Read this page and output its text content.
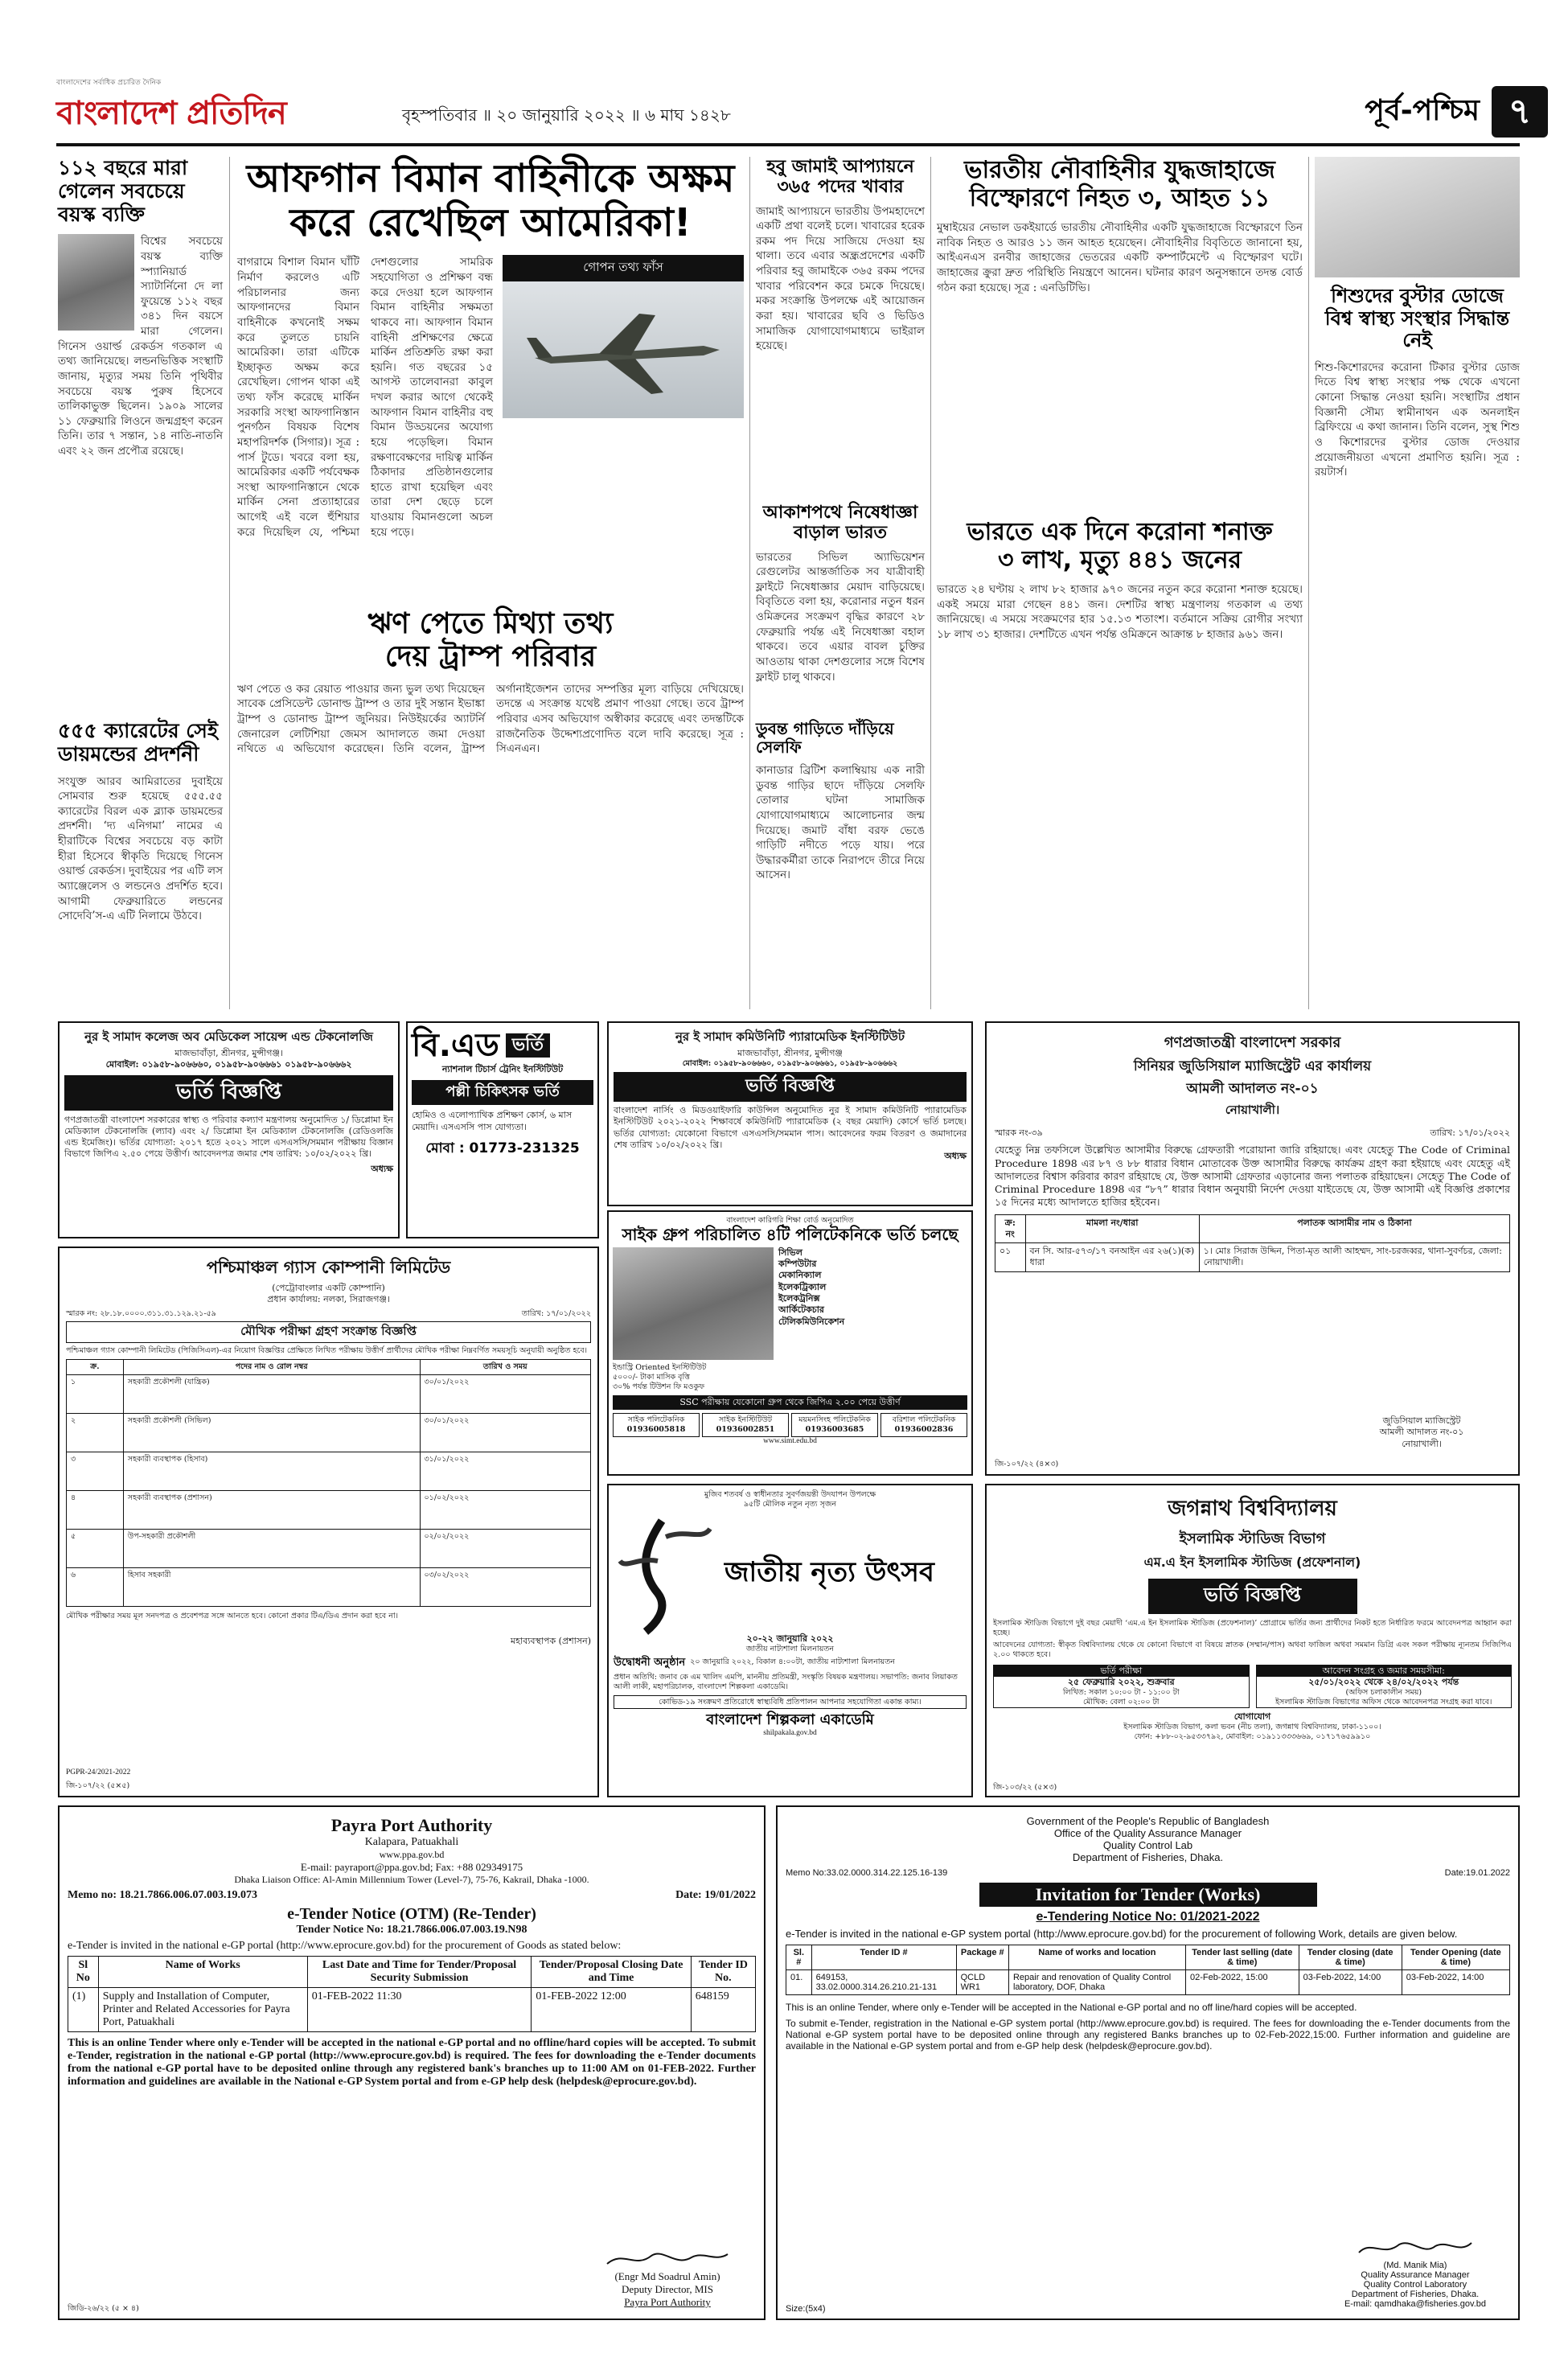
বাংলাদেশের সর্বাধিক প্রচারিত দৈনিক
বাংলাদেশ প্রতিদিন	বৃহস্পতিবার ॥ ২০ জানুয়ারি ২০২২ ॥ ৬ মাঘ ১৪২৮	পূর্ব-পশ্চিম ৭
১১২ বছরে মারা গেলেন সবচেয়ে বয়স্ক ব্যক্তি
বিশ্বের সবচেয়ে বয়স্ক ব্যক্তি স্প্যানিয়ার্ড স্যাটার্নিনো দে লা ফুয়েন্তে ১১২ বছর ৩৪১ দিন বয়সে মারা গেলেন। গিনেস ওয়ার্ল্ড রেকর্ডস গতকাল এ তথ্য জানিয়েছে। লন্ডনভিত্তিক সংস্থাটি জানায়, মৃত্যুর সময় তিনি পৃথিবীর সবচেয়ে বয়স্ক পুরুষ হিসেবে তালিকাভুক্ত ছিলেন। ১৯০৯ সালের ১১ ফেব্রুয়ারি লিওনে জন্মগ্রহণ করেন তিনি। তার ৭ সন্তান, ১৪ নাতি-নাতনি এবং ২২ জন প্রপৌত্র রয়েছে।
৫৫৫ ক্যারেটের সেই ডায়মন্ডের প্রদর্শনী
সংযুক্ত আরব আমিরাতের দুবাইয়ে সোমবার শুরু হয়েছে ৫৫৫.৫৫ ক্যারেটের বিরল এক ব্ল্যাক ডায়মন্ডের প্রদর্শনী। ‘দ্য এনিগমা’ নামের এ হীরাটিকে বিশ্বের সবচেয়ে বড় কাটা হীরা হিসেবে স্বীকৃতি দিয়েছে গিনেস ওয়ার্ল্ড রেকর্ডস। দুবাইয়ের পর এটি লস অ্যাঞ্জেলেস ও লন্ডনেও প্রদর্শিত হবে। আগামী ফেব্রুয়ারিতে লন্ডনের সোদেবি’স-এ এটি নিলামে উঠবে।
আফগান বিমান বাহিনীকে অক্ষম
করে রেখেছিল আমেরিকা!
গোপন তথ্য ফাঁস
বাগরামে বিশাল বিমান ঘাঁটি নির্মাণ করলেও এটি পরিচালনার জন্য আফগানদের বিমান বাহিনীকে কখনোই সক্ষম করে তুলতে চায়নি আমেরিকা। তারা এটিকে ইচ্ছাকৃত অক্ষম করে রেখেছিল। গোপন থাকা এই তথ্য ফাঁস করেছে মার্কিন সরকারি সংস্থা আফগানিস্তান পুনর্গঠন বিষয়ক বিশেষ মহাপরিদর্শক (সিগার)। সূত্র : পার্স টুডে। খবরে বলা হয়, আমেরিকার একটি পর্যবেক্ষক সংস্থা আফগানিস্তানে থেকে মার্কিন সেনা প্রত্যাহারের আগেই এই বলে হুঁশিয়ার করে দিয়েছিল যে, পশ্চিমা দেশগুলোর সামরিক সহযোগিতা ও প্রশিক্ষণ বন্ধ করে দেওয়া হলে আফগান বিমান বাহিনীর সক্ষমতা থাকবে না। আফগান বিমান বাহিনী প্রশিক্ষণের ক্ষেত্রে মার্কিন প্রতিশ্রুতি রক্ষা করা হয়নি। গত বছরের ১৫ আগস্ট তালেবানরা কাবুল দখল করার আগে থেকেই আফগান বিমান বাহিনীর বহু বিমান উড্ডয়নের অযোগ্য হয়ে পড়েছিল। বিমান রক্ষণাবেক্ষণের দায়িত্ব মার্কিন ঠিকাদার প্রতিষ্ঠানগুলোর হাতে রাখা হয়েছিল এবং তারা দেশ ছেড়ে চলে যাওয়ায় বিমানগুলো অচল হয়ে পড়ে।
ঋণ পেতে মিথ্যা তথ্য
দেয় ট্রাম্প পরিবার
ঋণ পেতে ও কর রেয়াত পাওয়ার জন্য ভুল তথ্য দিয়েছেন সাবেক প্রেসিডেন্ট ডোনাল্ড ট্রাম্প ও তার দুই সন্তান ইভাঙ্কা ট্রাম্প ও ডোনাল্ড ট্রাম্প জুনিয়র। নিউইয়র্কের অ্যাটর্নি জেনারেল লেটিশিয়া জেমস আদালতে জমা দেওয়া নথিতে এ অভিযোগ করেছেন। তিনি বলেন, ট্রাম্প অর্গানাইজেশন তাদের সম্পত্তির মূল্য বাড়িয়ে দেখিয়েছে। তদন্তে এ সংক্রান্ত যথেষ্ট প্রমাণ পাওয়া গেছে। তবে ট্রাম্প পরিবার এসব অভিযোগ অস্বীকার করেছে এবং তদন্তটিকে রাজনৈতিক উদ্দেশ্যপ্রণোদিত বলে দাবি করেছে। সূত্র : সিএনএন।
হবু জামাই আপ্যায়নে ৩৬৫ পদের খাবার
জামাই আপ্যায়নে ভারতীয় উপমহাদেশে একটি প্রথা বলেই চলে। খাবারের হরেক রকম পদ দিয়ে সাজিয়ে দেওয়া হয় থালা। তবে এবার অন্ধ্রপ্রদেশের একটি পরিবার হবু জামাইকে ৩৬৫ রকম পদের খাবার পরিবেশন করে চমকে দিয়েছে। মকর সংক্রান্তি উপলক্ষে এই আয়োজন করা হয়। খাবারের ছবি ও ভিডিও সামাজিক যোগাযোগমাধ্যমে ভাইরাল হয়েছে।
আকাশপথে নিষেধাজ্ঞা বাড়াল ভারত
ভারতের সিভিল অ্যাভিয়েশন রেগুলেটর আন্তর্জাতিক সব যাত্রীবাহী ফ্লাইটে নিষেধাজ্ঞার মেয়াদ বাড়িয়েছে। বিবৃতিতে বলা হয়, করোনার নতুন ধরন ওমিক্রনের সংক্রমণ বৃদ্ধির কারণে ২৮ ফেব্রুয়ারি পর্যন্ত এই নিষেধাজ্ঞা বহাল থাকবে। তবে এয়ার বাবল চুক্তির আওতায় থাকা দেশগুলোর সঙ্গে বিশেষ ফ্লাইট চালু থাকবে।
ডুবন্ত গাড়িতে দাঁড়িয়ে সেলফি
কানাডার ব্রিটিশ কলাম্বিয়ায় এক নারী ডুবন্ত গাড়ির ছাদে দাঁড়িয়ে সেলফি তোলার ঘটনা সামাজিক যোগাযোগমাধ্যমে আলোচনার জন্ম দিয়েছে। জমাট বাঁধা বরফ ভেঙে গাড়িটি নদীতে পড়ে যায়। পরে উদ্ধারকর্মীরা তাকে নিরাপদে তীরে নিয়ে আসেন।
ভারতীয় নৌবাহিনীর যুদ্ধজাহাজে বিস্ফোরণে নিহত ৩, আহত ১১
মুম্বাইয়ের নেভাল ডকইয়ার্ডে ভারতীয় নৌবাহিনীর একটি যুদ্ধজাহাজে বিস্ফোরণে তিন নাবিক নিহত ও আরও ১১ জন আহত হয়েছেন। নৌবাহিনীর বিবৃতিতে জানানো হয়, আইএনএস রনবীর জাহাজের ভেতরের একটি কম্পার্টমেন্টে এ বিস্ফোরণ ঘটে। জাহাজের ক্রুরা দ্রুত পরিস্থিতি নিয়ন্ত্রণে আনেন। ঘটনার কারণ অনুসন্ধানে তদন্ত বোর্ড গঠন করা হয়েছে। সূত্র : এনডিটিভি।
ভারতে এক দিনে করোনা শনাক্ত
৩ লাখ, মৃত্যু ৪৪১ জনের
ভারতে ২৪ ঘণ্টায় ২ লাখ ৮২ হাজার ৯৭০ জনের নতুন করে করোনা শনাক্ত হয়েছে। একই সময়ে মারা গেছেন ৪৪১ জন। দেশটির স্বাস্থ্য মন্ত্রণালয় গতকাল এ তথ্য জানিয়েছে। এ সময়ে সংক্রমণের হার ১৫.১৩ শতাংশ। বর্তমানে সক্রিয় রোগীর সংখ্যা ১৮ লাখ ৩১ হাজার। দেশটিতে এখন পর্যন্ত ওমিক্রনে আক্রান্ত ৮ হাজার ৯৬১ জন।
শিশুদের বুস্টার ডোজে বিশ্ব স্বাস্থ্য সংস্থার সিদ্ধান্ত নেই
শিশু-কিশোরদের করোনা টিকার বুস্টার ডোজ দিতে বিশ্ব স্বাস্থ্য সংস্থার পক্ষ থেকে এখনো কোনো সিদ্ধান্ত নেওয়া হয়নি। সংস্থাটির প্রধান বিজ্ঞানী সৌম্য স্বামীনাথন এক অনলাইন ব্রিফিংয়ে এ কথা জানান। তিনি বলেন, সুস্থ শিশু ও কিশোরদের বুস্টার ডোজ দেওয়ার প্রয়োজনীয়তা এখনো প্রমাণিত হয়নি। সূত্র : রয়টার্স।
নুর ই সামাদ কলেজ অব মেডিকেল সায়েন্স এন্ড টেকনোলজি
মাজভাবাঁড়া, শ্রীনগর, মুন্সীগঞ্জ।
মোবাইল: ০১৯৫৮-৯০৬৬৬০, ০১৯৫৮-৯০৬৬৬১ ০১৯৫৮-৯০৬৬৬২
ভর্তি বিজ্ঞপ্তি
গণপ্রজাতন্ত্রী বাংলাদেশ সরকারের স্বাস্থ্য ও পরিবার কল্যাণ মন্ত্রণালয় অনুমোদিত ১/ ডিপ্লোমা ইন মেডিক্যাল টেকনোলজি (ল্যাব) এবং ২/ ডিপ্লোমা ইন মেডিক্যাল টেকনোলজি (রেডিওলজি এন্ড ইমেজিং)। ভর্তির যোগ্যতা: ২০১৭ হতে ২০২১ সালে এসএসসি/সমমান পরীক্ষায় বিজ্ঞান বিভাগে জিপিএ ২.৫০ পেয়ে উত্তীর্ণ। আবেদনপত্র জমার শেষ তারিখ: ১০/০২/২০২২ খ্রি।
অধ্যক্ষ
বি.এড ভর্তি
ন্যাশনাল টিচার্স ট্রেনিং ইনস্টিটিউট
পল্লী চিকিৎসক ভর্তি
হোমিও ও এলোপ্যাথিক প্রশিক্ষণ কোর্স, ৬ মাস মেয়াদি। এসএসসি পাস যোগ্যতা।
মোবা : 01773-231325
নুর ই সামাদ কমিউনিটি প্যারামেডিক ইনস্টিটিউট
মাজভাবাঁড়া, শ্রীনগর, মুন্সীগঞ্জ
মোবাইল: ০১৯৫৮-৯০৬৬৬০, ০১৯৫৮-৯০৬৬৬১, ০১৯৫৮-৯০৬৬৬২
ভর্তি বিজ্ঞপ্তি
বাংলাদেশ নার্সিং ও মিডওয়াইফারি কাউন্সিল অনুমোদিত নুর ই সামাদ কমিউনিটি প্যারামেডিক ইনস্টিটিউট ২০২১-২০২২ শিক্ষাবর্ষে কমিউনিটি প্যারামেডিক (২ বছর মেয়াদি) কোর্সে ভর্তি চলছে। ভর্তির যোগ্যতা: যেকোনো বিভাগে এসএসসি/সমমান পাস। আবেদনের ফরম বিতরণ ও জমাদানের শেষ তারিখ ১০/০২/২০২২ খ্রি।
অধ্যক্ষ
বাংলাদেশ কারিগরি শিক্ষা বোর্ড অনুমোদিত
সাইক গ্রুপ পরিচালিত ৪টি পলিটেকনিকে ভর্তি চলছে
সিভিল
কম্পিউটার
মেকানিক্যাল
ইলেকট্রিক্যাল
ইলেকট্রনিক্স
আর্কিটেকচার
টেলিকমিউনিকেশন
ইন্ডাস্ট্রি Oriented ইনস্টিটিউট
৫০০০/- টাকা মাসিক বৃত্তি
৩০% পর্যন্ত টিউশন ফি মওকুফ
SSC পরীক্ষায় যেকোনো গ্রুপ থেকে জিপিএ ২.০০ পেয়ে উত্তীর্ণ
সাইক পলিটেকনিক
01936005818
সাইক ইনস্টিটিউট
01936002851
ময়মনসিংহ পলিটেকনিক
01936003685
বরিশাল পলিটেকনিক
01936002836
www.simt.edu.bd
গণপ্রজাতন্ত্রী বাংলাদেশ সরকার
সিনিয়র জুডিসিয়াল ম্যাজিস্ট্রেট এর কার্যালয়
আমলী আদালত নং-০১
নোয়াখালী।
স্মারক নং-৩৯	তারিখ: ১৭/০১/২০২২
যেহেতু নিম্ন তফসিলে উল্লেখিত আসামীর বিরুদ্ধে গ্রেফতারী পরোয়ানা জারি রহিয়াছে। এবং যেহেতু The Code of Criminal Procedure 1898 এর ৮৭ ও ৮৮ ধারার বিধান মোতাবেক উক্ত আসামীর বিরুদ্ধে কার্যক্রম গ্রহণ করা হইয়াছে এবং যেহেতু এই আদালতের বিশ্বাস করিবার কারণ রহিয়াছে যে, উক্ত আসামী গ্রেফতার এড়ানোর জন্য পলাতক রহিয়াছেন। সেহেতু The Code of Criminal Procedure 1898 এর “৮৭” ধারার বিধান অনুযায়ী নির্দেশ দেওয়া যাইতেছে যে, উক্ত আসামী এই বিজ্ঞপ্তি প্রকাশের ১৫ দিনের মধ্যে আদালতে হাজির হইবেন।
ক্র: নং	মামলা নং/ধারা	পলাতক আসামীর নাম ও ঠিকানা
০১	বন সি. আর-৫৭৩/১৭ বনআইন এর ২৬(১)(ক) ধারা	১। মোঃ সিরাজ উদ্দিন, পিতা-মৃত আলী আহম্মদ, সাং-চরজব্বর, থানা-সুবর্ণচর, জেলা: নোয়াখালী।
জুডিসিয়াল ম্যাজিস্ট্রেট
আমলী আদালত নং-০১
নোয়াখালী।
জি-১০৭/২২ (৪×৩)
পশ্চিমাঞ্চল গ্যাস কোম্পানী লিমিটেড
(পেট্রোবাংলার একটি কোম্পানি)
প্রধান কার্যালয়: নলকা, সিরাজগঞ্জ।
স্মারক নং: ২৮.১৮.০০০০.৩১১.৩১.১২৯.২১-৫৯	তারিখ: ১৭/০১/২০২২
মৌখিক পরীক্ষা গ্রহণ সংক্রান্ত বিজ্ঞপ্তি
পশ্চিমাঞ্চল গ্যাস কোম্পানী লিমিটেড (পিজিসিএল)-এর নিয়োগ বিজ্ঞপ্তির প্রেক্ষিতে লিখিত পরীক্ষায় উত্তীর্ণ প্রার্থীদের মৌখিক পরীক্ষা নিম্নবর্ণিত সময়সূচি অনুযায়ী অনুষ্ঠিত হবে।
ক্র.	পদের নাম ও রোল নম্বর	তারিখ ও সময়
১	সহকারী প্রকৌশলী (যান্ত্রিক)	৩০/০১/২০২২
২	সহকারী প্রকৌশলী (সিভিল)	৩০/০১/২০২২
৩	সহকারী ব্যবস্থাপক (হিসাব)	৩১/০১/২০২২
৪	সহকারী ব্যবস্থাপক (প্রশাসন)	০১/০২/২০২২
৫	উপ-সহকারী প্রকৌশলী	০২/০২/২০২২
৬	হিসাব সহকারী	০৩/০২/২০২২
মৌখিক পরীক্ষার সময় মূল সনদপত্র ও প্রবেশপত্র সঙ্গে আনতে হবে। কোনো প্রকার টিএ/ডিএ প্রদান করা হবে না।
মহাব্যবস্থাপক (প্রশাসন)
PGPR-24/2021-2022
জি-১০৭/২২ (৫×৫)
মুজিব শতবর্ষ ও স্বাধীনতার সুবর্ণজয়ন্তী উদযাপন উপলক্ষে
৯৫টি মৌলিক নতুন নৃত্য সৃজন
জাতীয় নৃত্য উৎসব
২০-২২ জানুয়ারি ২০২২
জাতীয় নাট্যশালা মিলনায়তন
উদ্বোধনী অনুষ্ঠান ২০ জানুয়ারি ২০২২, বিকাল ৪:০০টা, জাতীয় নাট্যশালা মিলনায়তন
প্রধান অতিথি: জনাব কে এম খালিদ এমপি, মাননীয় প্রতিমন্ত্রী, সংস্কৃতি বিষয়ক মন্ত্রণালয়। সভাপতি: জনাব লিয়াকত আলী লাকী, মহাপরিচালক, বাংলাদেশ শিল্পকলা একাডেমি।
কোভিড-১৯ সংক্রমণ প্রতিরোধে স্বাস্থ্যবিধি প্রতিপালন আপনার সহযোগিতা একান্ত কাম্য।
বাংলাদেশ শিল্পকলা একাডেমি
shilpakala.gov.bd
জগন্নাথ বিশ্ববিদ্যালয়
ইসলামিক স্টাডিজ বিভাগ
এম.এ ইন ইসলামিক স্টাডিজ (প্রফেশনাল)
ভর্তি বিজ্ঞপ্তি
ইসলামিক স্টাডিজ বিভাগে দুই বছর মেয়াদী ‘এম.এ ইন ইসলামিক স্টাডিজ (প্রফেশনাল)’ প্রোগ্রামে ভর্তির জন্য প্রার্থীদের নিকট হতে নির্ধারিত ফরমে আবেদনপত্র আহ্বান করা হচ্ছে।
আবেদনের যোগ্যতা: স্বীকৃত বিশ্ববিদ্যালয় থেকে যে কোনো বিভাগে বা বিষয়ে স্নাতক (সম্মান/পাস) অথবা ফাজিল অথবা সমমান ডিগ্রি এবং সকল পরীক্ষায় ন্যূনতম সিজিপিএ ২.০০ থাকতে হবে।
ভর্তি পরীক্ষা
২৫ ফেব্রুয়ারি ২০২২, শুক্রবার
লিখিত: সকাল ১০:০০ টা - ১১:০০ টা
মৌখিক: বেলা ০২:০০ টা
আবেদন সংগ্রহ ও জমার সময়সীমা:
২৫/০১/২০২২ থেকে ২৪/০২/২০২২ পর্যন্ত
(অফিস চলাকালীন সময়)
ইসলামিক স্টাডিজ বিভাগের অফিস থেকে আবেদনপত্র সংগ্রহ করা যাবে।
যোগাযোগ
ইসলামিক স্টাডিজ বিভাগ, কলা ভবন (নীচ তলা), জগন্নাথ বিশ্ববিদ্যালয়, ঢাকা-১১০০।
ফোন: +৮৮-০২-৯৫৩৩৭৯২, মোবাইল: ০১৯১১৩৩৩৬৬৯, ০১৭১৭৬৫৯৯১০
জি-১০৩/২২ (৫×৩)
Payra Port Authority
Kalapara, Patuakhali
www.ppa.gov.bd
E-mail: payraport@ppa.gov.bd; Fax: +88 029349175
Dhaka Liaison Office: Al-Amin Millennium Tower (Level-7), 75-76, Kakrail, Dhaka -1000.
Memo no: 18.21.7866.006.07.003.19.073	Date: 19/01/2022
e-Tender Notice (OTM) (Re-Tender)
Tender Notice No: 18.21.7866.006.07.003.19.N98
e-Tender is invited in the national e-GP portal (http://www.eprocure.gov.bd) for the procurement of Goods as stated below:
Sl No	Name of Works	Last Date and Time for Tender/Proposal Security Submission	Tender/Proposal Closing Date and Time	Tender ID No.
(1)	Supply and Installation of Computer, Printer and Related Accessories for Payra Port, Patuakhali	01-FEB-2022 11:30	01-FEB-2022 12:00	648159
This is an online Tender where only e-Tender will be accepted in the national e-GP portal and no offline/hard copies will be accepted. To submit e-Tender, registration in the national e-GP portal (http://www.eprocure.gov.bd) is required. The fees for downloading the e-Tender documents from the national e-GP portal have to be deposited online through any registered bank's branches up to 11:00 AM on 01-FEB-2022. Further information and guidelines are available in the National e-GP System portal and from e-GP help desk (helpdesk@eprocure.gov.bd).
(Engr Md Soadrul Amin)
Deputy Director, MIS
Payra Port Authority
জিডি-২৬/২২ (৫ × ৪)
Government of the People's Republic of Bangladesh
Office of the Quality Assurance Manager
Quality Control Lab
Department of Fisheries, Dhaka.
Memo No:33.02.0000.314.22.125.16-139	Date:19.01.2022
Invitation for Tender (Works)
e-Tendering Notice No: 01/2021-2022
e-Tender is invited in the national e-GP system portal (http://www.eprocure.gov.bd) for the procurement of following Work, details are given below.
Sl. #	Tender ID #	Package #	Name of works and location	Tender last selling (date & time)	Tender closing (date & time)	Tender Opening (date & time)
01.	649153, 33.02.0000.314.26.210.21-131	QCLD WR1	Repair and renovation of Quality Control laboratory, DOF, Dhaka	02-Feb-2022, 15:00	03-Feb-2022, 14:00	03-Feb-2022, 14:00
This is an online Tender, where only e-Tender will be accepted in the National e-GP portal and no off line/hard copies will be accepted.
To submit e-Tender, registration in the National e-GP system portal (http://www.eprocure.gov.bd) is required. The fees for downloading the e-Tender documents from the National e-GP system portal have to be deposited online through any registered Banks branches up to 02-Feb-2022,15:00. Further information and guideline are available in the National e-GP system portal and from e-GP help desk (helpdesk@eprocure.gov.bd).
(Md. Manik Mia)
Quality Assurance Manager
Quality Control Laboratory
Department of Fisheries, Dhaka.
E-mail: qamdhaka@fisheries.gov.bd
Size:(5x4)
